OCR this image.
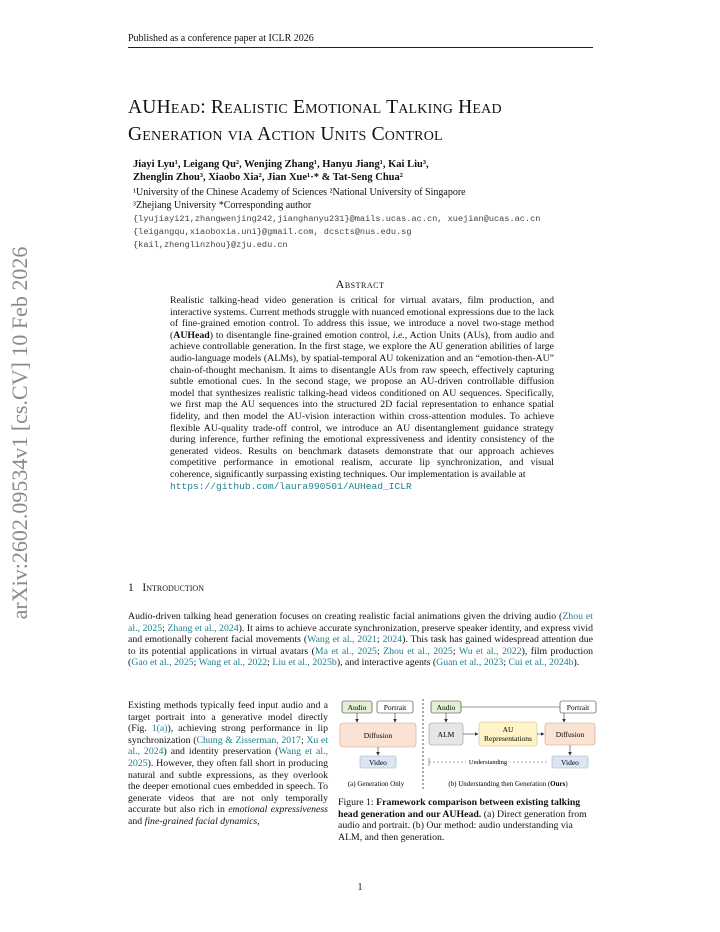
Published as a conference paper at ICLR 2026
AUHead: Realistic Emotional Talking Head
Generation via Action Units Control
Jiayi Lyu¹, Leigang Qu², Wenjing Zhang¹, Hanyu Jiang¹, Kai Liu³,
Zhenglin Zhou³, Xiaobo Xia², Jian Xue¹·* & Tat-Seng Chua²
¹University of the Chinese Academy of Sciences ²National University of Singapore
³Zhejiang University *Corresponding author
{lyujiayi21,zhangwenjing242,jianghanyu231}@mails.ucas.ac.cn, xuejian@ucas.ac.cn
{leigangqu,xiaoboxia.uni}@gmail.com, dcscts@nus.edu.sg
{kail,zhenglinzhou}@zju.edu.cn
Abstract
Realistic talking-head video generation is critical for virtual avatars, film production, and interactive systems. Current methods struggle with nuanced emotional expressions due to the lack of fine-grained emotion control. To address this issue, we introduce a novel two-stage method (AUHead) to disentangle fine-grained emotion control, i.e., Action Units (AUs), from audio and achieve controllable generation. In the first stage, we explore the AU generation abilities of large audio-language models (ALMs), by spatial-temporal AU tokenization and an “emotion-then-AU” chain-of-thought mechanism. It aims to disentangle AUs from raw speech, effectively capturing subtle emotional cues. In the second stage, we propose an AU-driven controllable diffusion model that synthesizes realistic talking-head videos conditioned on AU sequences. Specifically, we first map the AU sequences into the structured 2D facial representation to enhance spatial fidelity, and then model the AU-vision interaction within cross-attention modules. To achieve flexible AU-quality trade-off control, we introduce an AU disentanglement guidance strategy during inference, further refining the emotional expressiveness and identity consistency of the generated videos. Results on benchmark datasets demonstrate that our approach achieves competitive performance in emotional realism, accurate lip synchronization, and visual coherence, significantly surpassing existing techniques. Our implementation is available at
https://github.com/laura990501/AUHead_ICLR
arXiv:2602.09534v1 [cs.CV] 10 Feb 2026	1 Introduction
Audio-driven talking head generation focuses on creating realistic facial animations given the driving audio (Zhou et al., 2025; Zhang et al., 2024). It aims to achieve accurate synchronization, preserve speaker identity, and express vivid and emotionally coherent facial movements (Wang et al., 2021; 2024). This task has gained widespread attention due to its potential applications in virtual avatars (Ma et al., 2025; Zhou et al., 2025; Wu et al., 2022), film production (Gao et al., 2025; Wang et al., 2022; Liu et al., 2025b), and interactive agents (Guan et al., 2023; Cui et al., 2024b).
Existing methods typically feed input audio and a target portrait into a generative model directly (Fig. 1(a)), achieving strong performance in lip synchronization (Chung & Zisserman, 2017; Xu et al., 2024) and identity preservation (Wang et al., 2025). However, they often fall short in producing natural and subtle expressions, as they overlook the deeper emotional cues embedded in speech. To generate videos that are not only temporally accurate but also rich in emotional expressiveness and fine-grained facial dynamics,
Audio Portrait
Diffusion
Video
(a) Generation Only
Audio	Portrait
ALM
AU
Representations	Diffusion
Video
Understanding
(b) Understanding then Generation (Ours)
Figure 1: Framework comparison between existing talking head generation and our AUHead. (a) Direct generation from audio and portrait. (b) Our method: audio understanding via ALM, and then generation.
1
